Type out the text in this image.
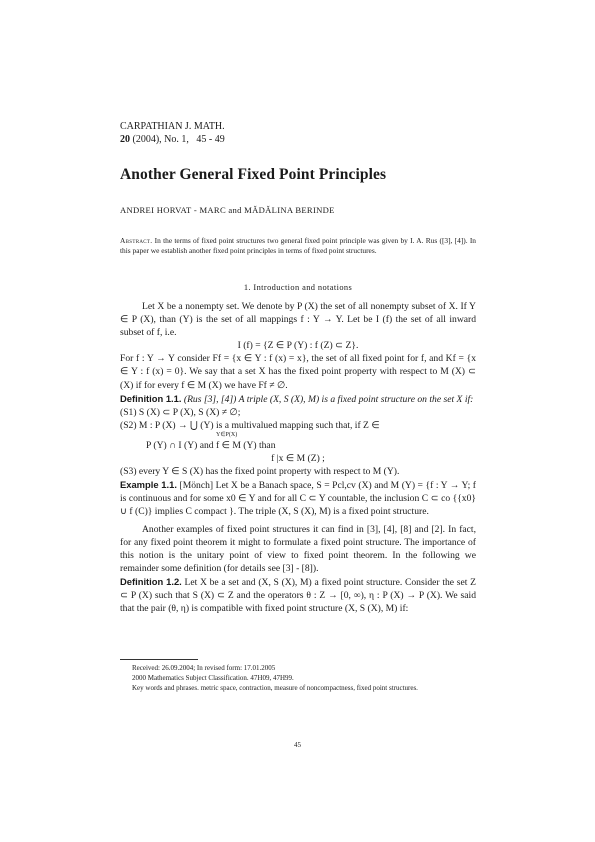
CARPATHIAN J. MATH.
20 (2004), No. 1, 45 - 49
Another General Fixed Point Principles
ANDREI HORVAT - MARC and MĂDĂLINA BERINDE
Abstract. In the terms of fixed point structures two general fixed point principle was given by I. A. Rus ([3], [4]). In this paper we establish another fixed point principles in terms of fixed point structures.
1. Introduction and notations

Let X be a nonempty set. We denote by P (X) the set of all nonempty subset of X. If Y ∈ P (X), than (Y) is the set of all mappings f : Y → Y. Let be I (f) the set of all inward subset of f, i.e.

I (f) = {Z ∈ P (Y) : f (Z) ⊂ Z}.

For f : Y → Y consider Ff = {x ∈ Y : f (x) = x}, the set of all fixed point for f, and Kf = {x ∈ Y : f (x) = 0}. We say that a set X has the fixed point property with respect to M (X) ⊂ (X) if for every f ∈ M (X) we have Ff ≠ ∅.

Definition 1.1. (Rus [3], [4]) A triple (X, S (X), M) is a fixed point structure on the set X if:

(S1) S (X) ⊂ P (X), S (X) ≠ ∅;

(S2) M : P (X) → ⋃ (Y) is a multivalued mapping such that, if Z ∈

Y∈P(X)

P (Y) ∩ I (Y) and f ∈ M (Y) than

f |x ∈ M (Z) ;

(S3) every Y ∈ S (X) has the fixed point property with respect to M (Y).

Example 1.1. [Mönch] Let X be a Banach space, S = Pcl,cv (X) and M (Y) = {f : Y → Y; f is continuous and for some x0 ∈ Y and for all C ⊂ Y countable, the inclusion C ⊂ co {{x0} ∪ f (C)} implies C compact }. The triple (X, S (X), M) is a fixed point structure.

Another examples of fixed point structures it can find in [3], [4], [8] and [2]. In fact, for any fixed point theorem it might to formulate a fixed point structure. The importance of this notion is the unitary point of view to fixed point theorem. In the following we remainder some definition (for details see [3] - [8]).

Definition 1.2. Let X be a set and (X, S (X), M) a fixed point structure. Consider the set Z ⊂ P (X) such that S (X) ⊂ Z and the operators θ : Z → [0, ∞), η : P (X) → P (X). We said that the pair (θ, η) is compatible with fixed point structure (X, S (X), M) if:

Received: 26.09.2004; In revised form: 17.01.2005

2000 Mathematics Subject Classification. 47H09, 47H99.

Key words and phrases. metric space, contraction, measure of noncompactness, fixed point structures.

45
